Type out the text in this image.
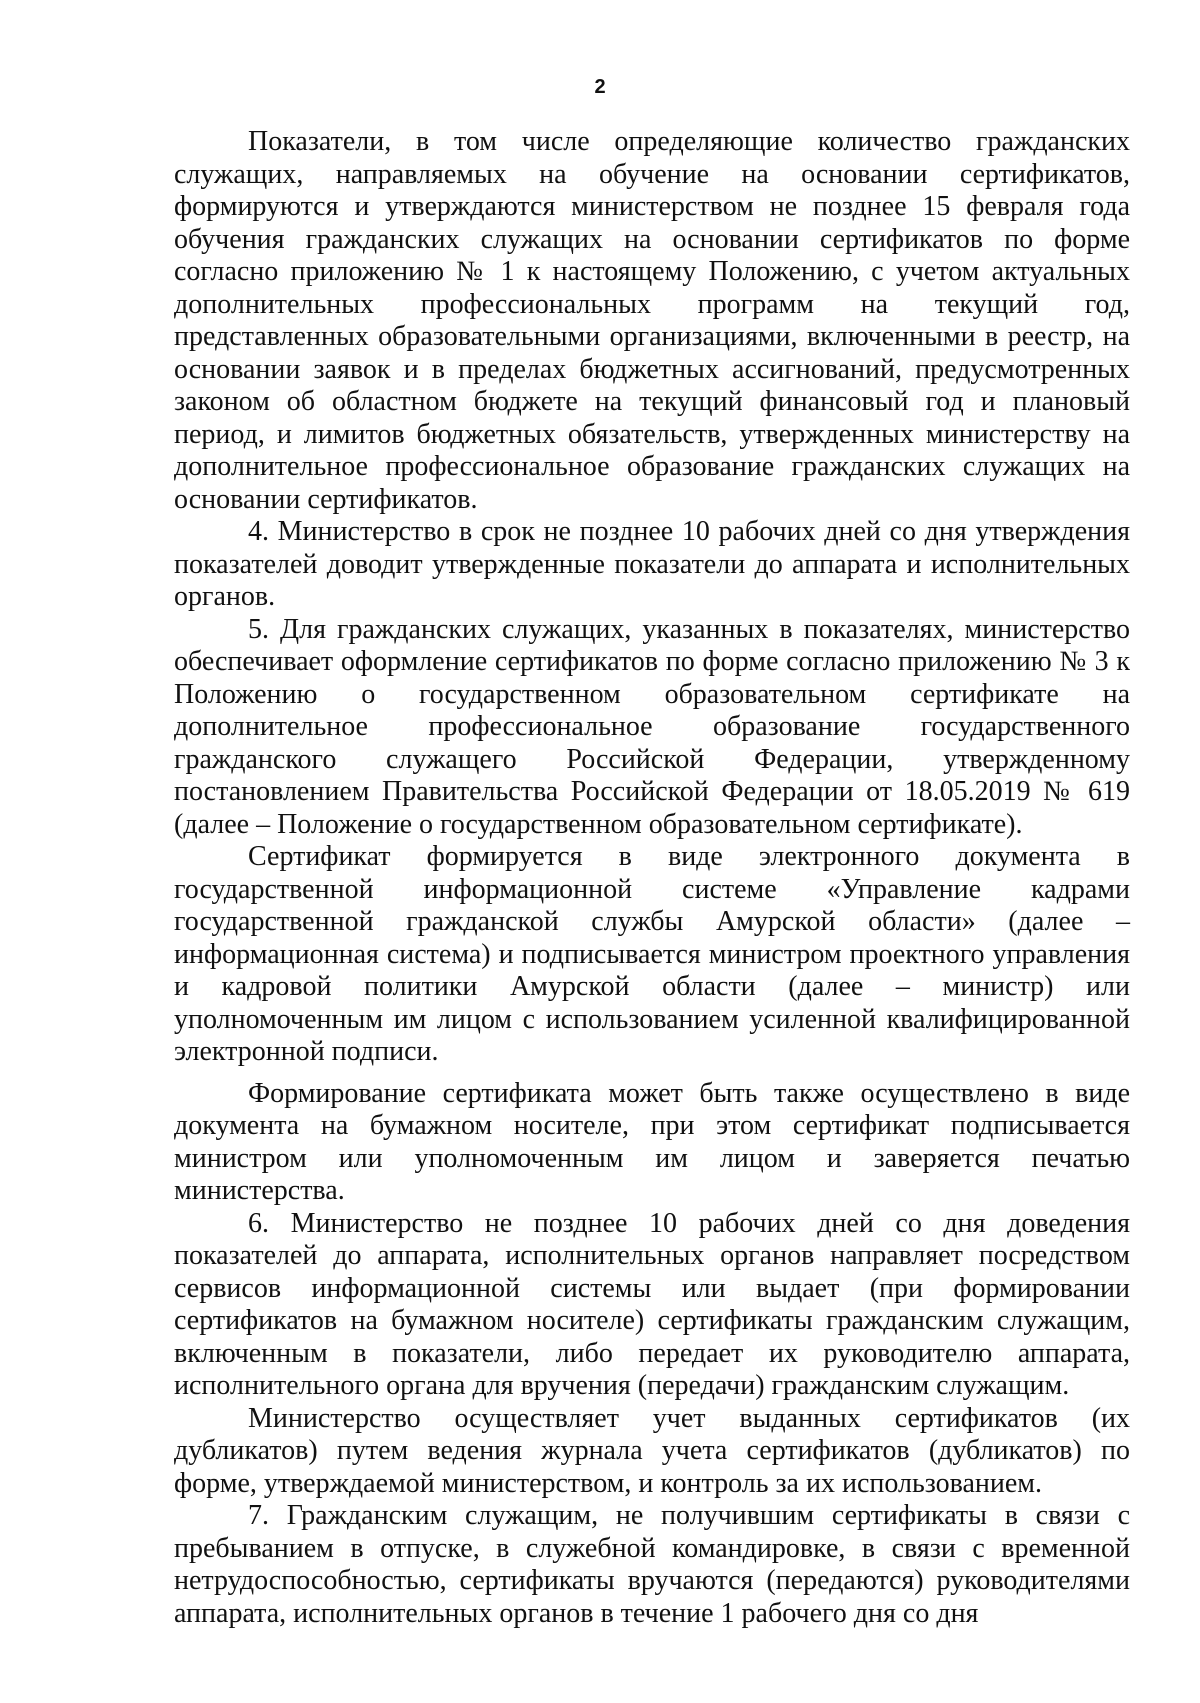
2

Показатели, в том числе определяющие количество гражданских служащих, направляемых на обучение на основании сертификатов, формируются и утверждаются министерством не позднее 15 февраля года обучения гражданских служащих на основании сертификатов по форме согласно приложению № 1 к настоящему Положению, с учетом актуальных дополнительных профессиональных программ на текущий год, представленных образовательными организациями, включенными в реестр, на основании заявок и в пределах бюджетных ассигнований, предусмотренных законом об областном бюджете на текущий финансовый год и плановый период, и лимитов бюджетных обязательств, утвержденных министерству на дополнительное профессиональное образование гражданских служащих на основании сертификатов.

4. Министерство в срок не позднее 10 рабочих дней со дня утверждения показателей доводит утвержденные показатели до аппарата и исполнительных органов.

5. Для гражданских служащих, указанных в показателях, министерство обеспечивает оформление сертификатов по форме согласно приложению № 3 к Положению о государственном образовательном сертификате на дополнительное профессиональное образование государственного гражданского служащего Российской Федерации, утвержденному постановлением Правительства Российской Федерации от 18.05.2019 № 619 (далее – Положение о государственном образовательном сертификате).

Сертификат формируется в виде электронного документа в государственной информационной системе «Управление кадрами государственной гражданской службы Амурской области» (далее – информационная система) и подписывается министром проектного управления и кадровой политики Амурской области (далее – министр) или уполномоченным им лицом с использованием усиленной квалифицированной электронной подписи.

Формирование сертификата может быть также осуществлено в виде документа на бумажном носителе, при этом сертификат подписывается министром или уполномоченным им лицом и заверяется печатью министерства.

6. Министерство не позднее 10 рабочих дней со дня доведения показателей до аппарата, исполнительных органов направляет посредством сервисов информационной системы или выдает (при формировании сертификатов на бумажном носителе) сертификаты гражданским служащим, включенным в показатели, либо передает их руководителю аппарата, исполнительного органа для вручения (передачи) гражданским служащим.

Министерство осуществляет учет выданных сертификатов (их дубликатов) путем ведения журнала учета сертификатов (дубликатов) по форме, утверждаемой министерством, и контроль за их использованием.

7. Гражданским служащим, не получившим сертификаты в связи с пребыванием в отпуске, в служебной командировке, в связи с временной нетрудоспособностью, сертификаты вручаются (передаются) руководителями аппарата, исполнительных органов в течение 1 рабочего дня со дня
